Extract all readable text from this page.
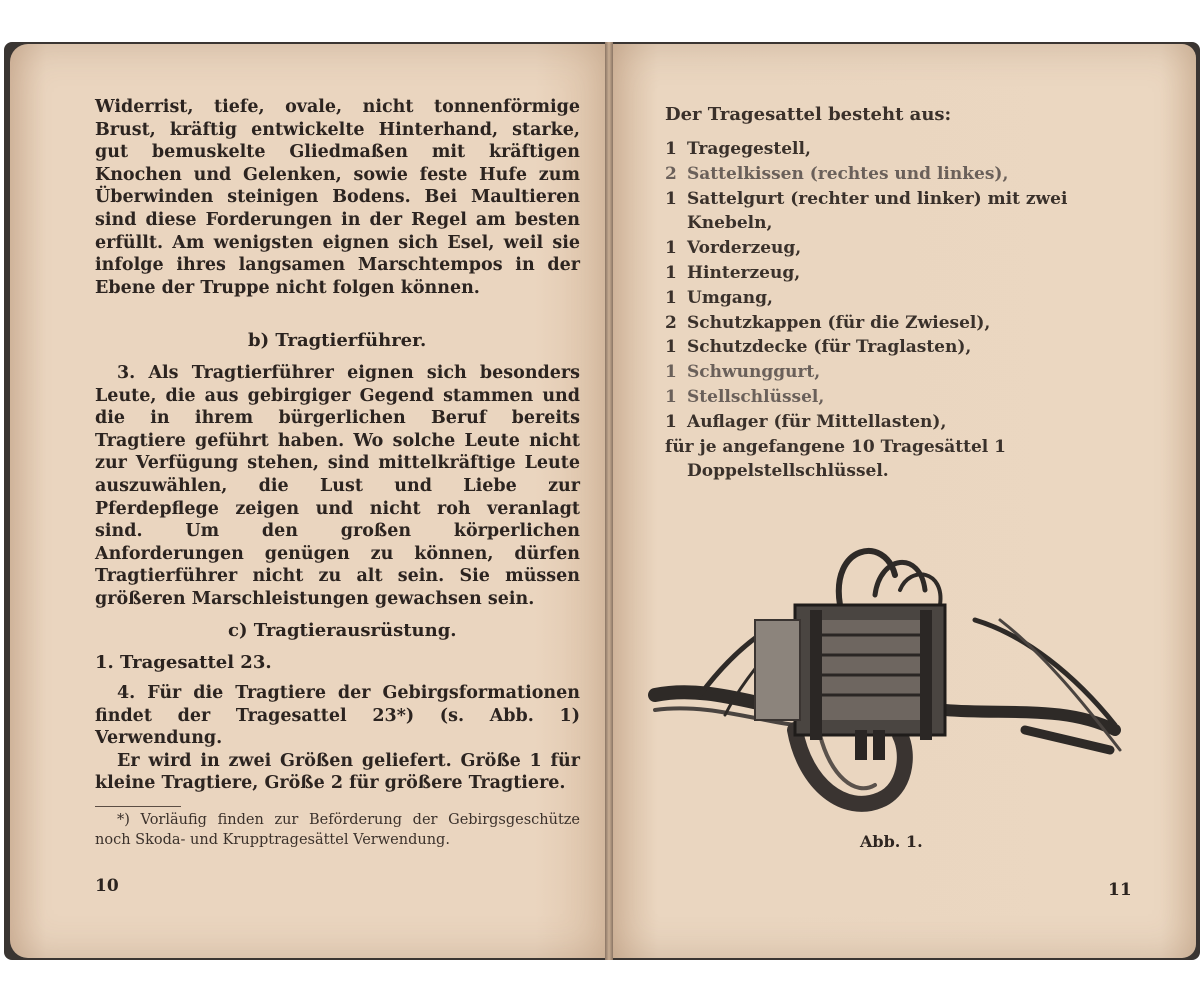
Widerrist, tiefe, ovale, nicht tonnenförmige Brust, kräftig entwickelte Hinterhand, starke, gut bemuskelte Gliedmaßen mit kräftigen Knochen und Gelenken, sowie feste Hufe zum Überwinden steinigen Bodens. Bei Maultieren sind diese Forderungen in der Regel am besten erfüllt. Am wenigsten eignen sich Esel, weil sie infolge ihres langsamen Marschtempos in der Ebene der Truppe nicht folgen können.

b) Tragtierführer.

3. Als Tragtierführer eignen sich besonders Leute, die aus gebirgiger Gegend stammen und die in ihrem bürgerlichen Beruf bereits Tragtiere geführt haben. Wo solche Leute nicht zur Verfügung stehen, sind mittelkräftige Leute auszuwählen, die Lust und Liebe zur Pferdepflege zeigen und nicht roh veranlagt sind. Um den großen körperlichen Anforderungen genügen zu können, dürfen Tragtierführer nicht zu alt sein. Sie müssen größeren Marschleistungen gewachsen sein.

c) Tragtierausrüstung.
1. Tragesattel 23.

4. Für die Tragtiere der Gebirgsformationen findet der Tragesattel 23*) (s. Abb. 1) Verwendung.

Er wird in zwei Größen geliefert. Größe 1 für kleine Tragtiere, Größe 2 für größere Tragtiere.

*) Vorläufig finden zur Beförderung der Gebirgsgeschütze noch Skoda- und Krupptragesättel Verwendung.

10
Der Tragesattel besteht aus:
1 Tragegestell,
2 Sattelkissen (rechtes und linkes),
1 Sattelgurt (rechter und linker) mit zwei Knebeln,
1 Vorderzeug,
1 Hinterzeug,
1 Umgang,
2 Schutzkappen (für die Zwiesel),
1 Schutzdecke (für Traglasten),
1 Schwunggurt,
1 Stellschlüssel,
1 Auflager (für Mittellasten),
für je angefangene 10 Tragesättel 1 Doppelstellschlüssel.
Abb. 1.
11
